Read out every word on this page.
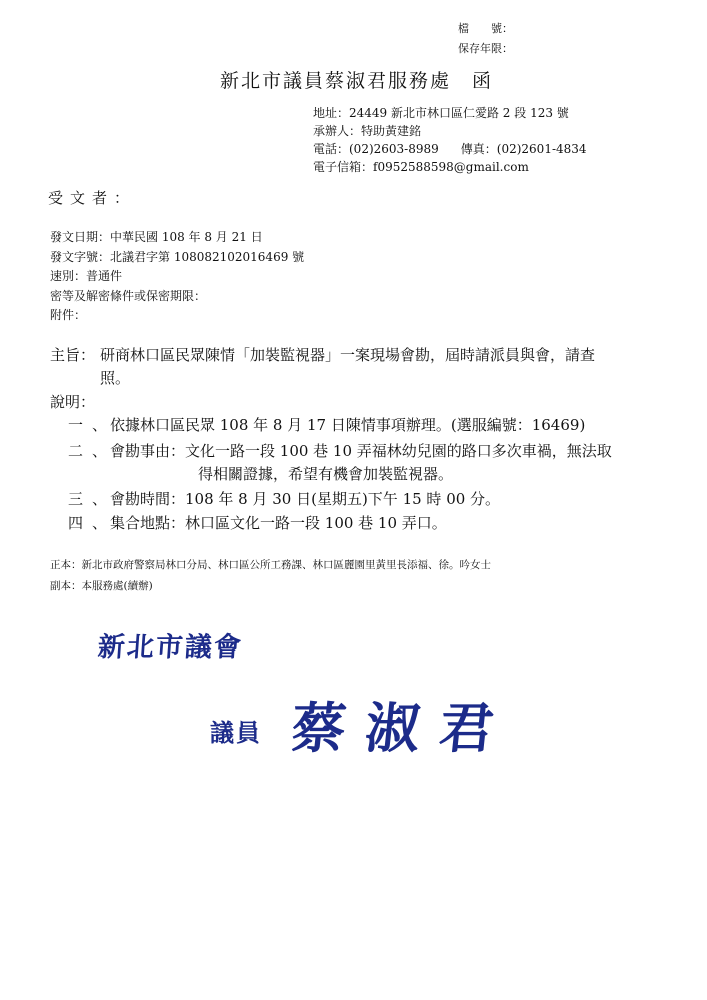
檔　　號：
保存年限：
新北市議員蔡淑君服務處　函
地址：24449 新北市林口區仁愛路 2 段 123 號
承辦人：特助黃建銘
電話：(02)2603-8989 傳真：(02)2601-4834
電子信箱：f0952588598@gmail.com
受文者：
發文日期：中華民國 108 年 8 月 21 日
發文字號：北議君字第 108082102016469 號
速別：普通件
密等及解密條件或保密期限：
附件：
主旨： 研商林口區民眾陳情「加裝監視器」一案現場會勘，屆時請派員與會，請查
照。
說明：
一、
依據林口區民眾 108 年 8 月 17 日陳情事項辦理。(選服編號：16469)
二、
會勘事由：文化一路一段 100 巷 10 弄福林幼兒園的路口多次車禍，無法取
得相關證據，希望有機會加裝監視器。
三、
會勘時間：108 年 8 月 30 日(星期五)下午 15 時 00 分。
四、
集合地點：林口區文化一路一段 100 巷 10 弄口。
正本：新北市政府警察局林口分局、林口區公所工務課、林口區麗園里黃里長添福、徐。吟女士
副本：本服務處(續辦)
新北市議會
議員 蔡淑君
